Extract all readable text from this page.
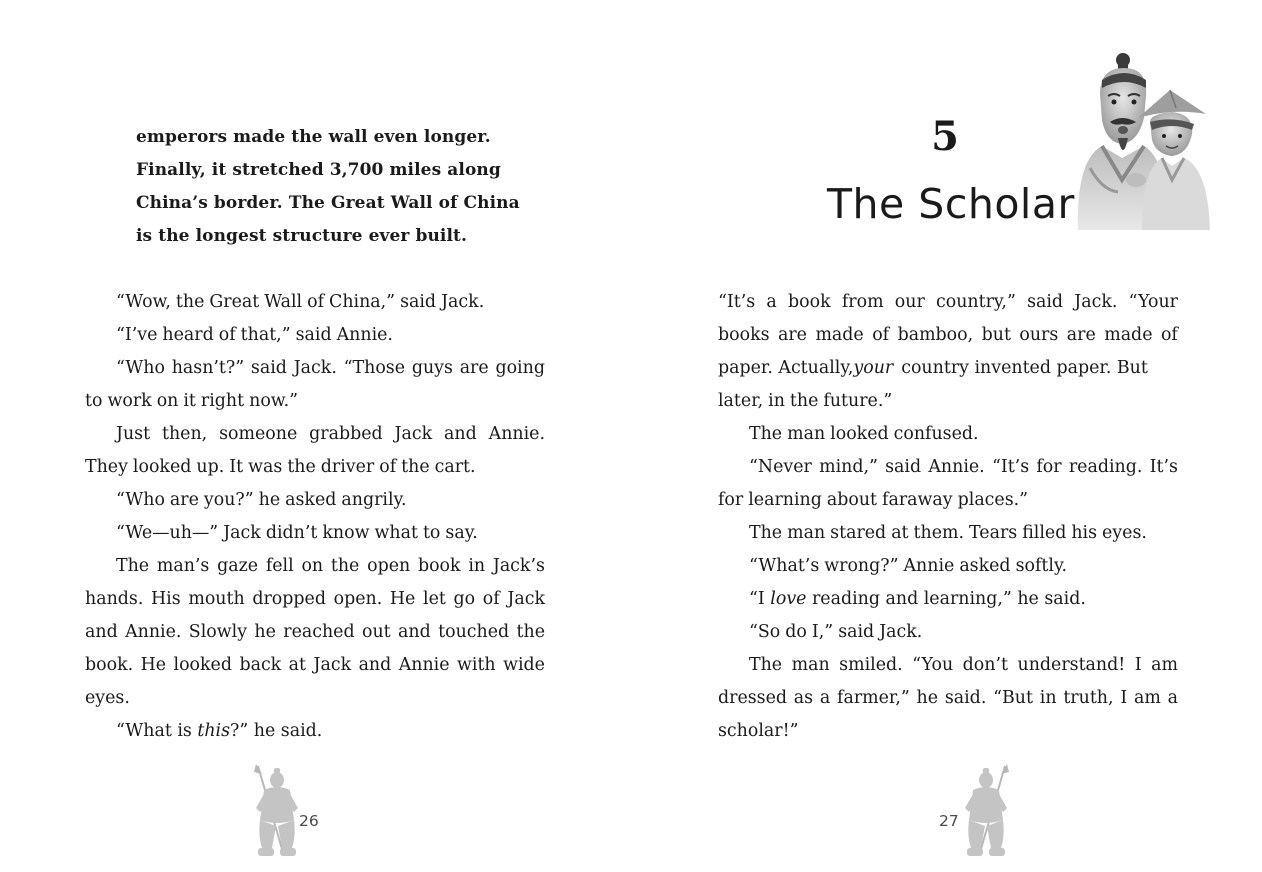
emperors made the wall even longer.
Finally, it stretched 3,700 miles along
China’s border. The Great Wall of China
is the longest structure ever built.
“Wow, the Great Wall of China,” said Jack.
“I’ve heard of that,” said Annie.
“Who hasn’t?” said Jack. “Those guys are going
to work on it right now.”
Just then, someone grabbed Jack and Annie.
They looked up. It was the driver of the cart.
“Who are you?” he asked angrily.
“We—uh—” Jack didn’t know what to say.
The man’s gaze fell on the open book in Jack’s
hands. His mouth dropped open. He let go of Jack
and Annie. Slowly he reached out and touched the
book. He looked back at Jack and Annie with wide
eyes.
“What is this?” he said.
26
5
The Scholar
“It’s a book from our country,” said Jack. “Your
books are made of bamboo, but ours are made of
paper. Actually, your country invented paper. But
later, in the future.”
The man looked confused.
“Never mind,” said Annie. “It’s for reading. It’s
for learning about faraway places.”
The man stared at them. Tears filled his eyes.
“What’s wrong?” Annie asked softly.
“I love reading and learning,” he said.
“So do I,” said Jack.
The man smiled. “You don’t understand! I am
dressed as a farmer,” he said. “But in truth, I am a
scholar!”
27
